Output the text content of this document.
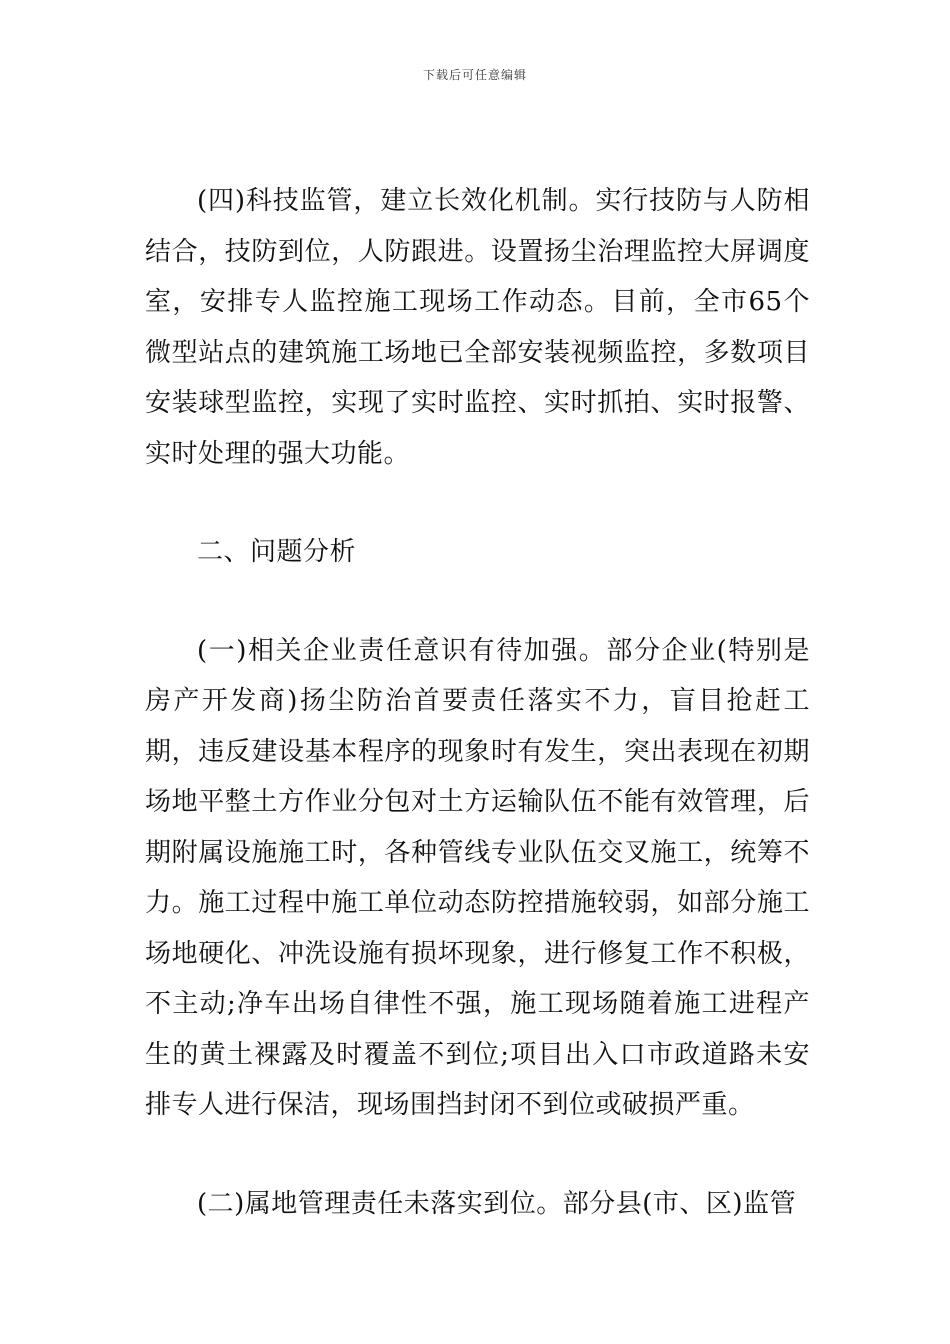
下载后可任意编辑

(四)科技监管，建立长效化机制。实行技防与人防相结合，技防到位，人防跟进。设置扬尘治理监控大屏调度室，安排专人监控施工现场工作动态。目前，全市65个微型站点的建筑施工场地已全部安装视频监控，多数项目安装球型监控，实现了实时监控、实时抓拍、实时报警、实时处理的强大功能。

二、问题分析

(一)相关企业责任意识有待加强。部分企业(特别是房产开发商)扬尘防治首要责任落实不力，盲目抢赶工期，违反建设基本程序的现象时有发生，突出表现在初期场地平整土方作业分包对土方运输队伍不能有效管理，后期附属设施施工时，各种管线专业队伍交叉施工，统筹不力。施工过程中施工单位动态防控措施较弱，如部分施工场地硬化、冲洗设施有损坏现象，进行修复工作不积极，不主动;净车出场自律性不强，施工现场随着施工进程产生的黄土裸露及时覆盖不到位;项目出入口市政道路未安排专人进行保洁，现场围挡封闭不到位或破损严重。

(二)属地管理责任未落实到位。部分县(市、区)监管
